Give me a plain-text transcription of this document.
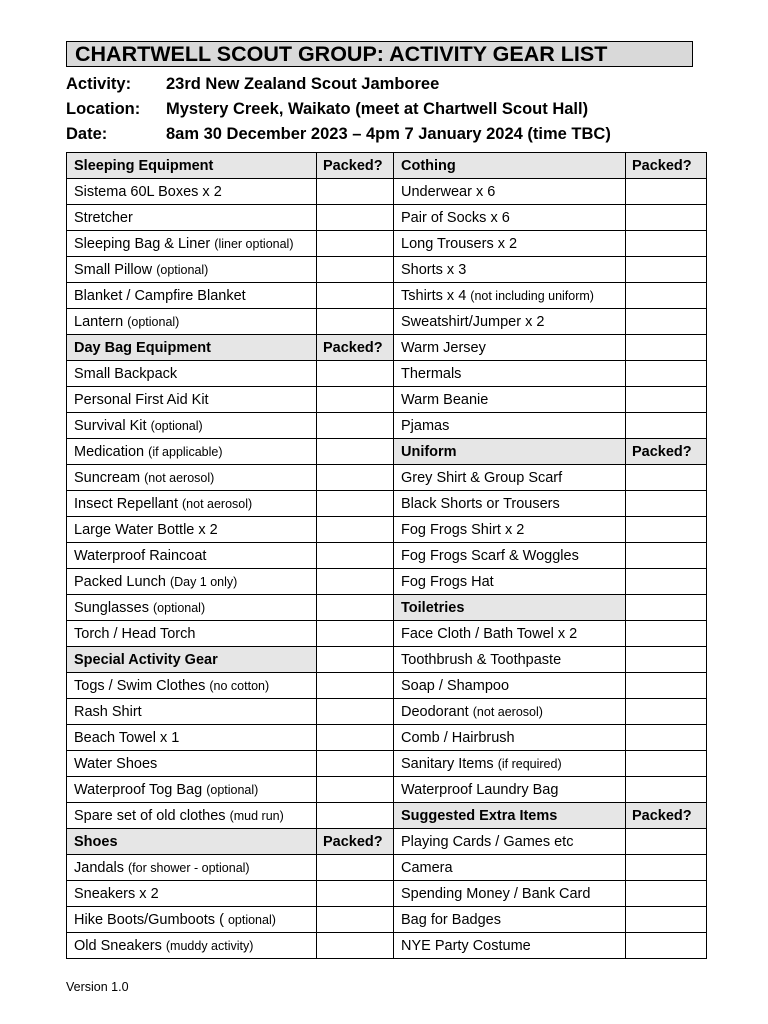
CHARTWELL SCOUT GROUP: ACTIVITY GEAR LIST
Activity: 23rd New Zealand Scout Jamboree
Location: Mystery Creek, Waikato (meet at Chartwell Scout Hall)
Date:	8am 30 December 2023 – 4pm 7 January 2024 (time TBC)
Sleeping Equipment	Packed?	Cothing	Packed?
Sistema 60L Boxes x 2		Underwear x 6	
Stretcher		Pair of Socks x 6	
Sleeping Bag & Liner (liner optional)		Long Trousers x 2	
Small Pillow (optional)		Shorts x 3	
Blanket / Campfire Blanket		Tshirts x 4 (not including uniform)	
Lantern (optional)		Sweatshirt/Jumper x 2	
Day Bag Equipment	Packed?	Warm Jersey	
Small Backpack		Thermals	
Personal First Aid Kit		Warm Beanie	
Survival Kit (optional)		Pjamas	
Medication (if applicable)		Uniform	Packed?
Suncream (not aerosol)		Grey Shirt & Group Scarf	
Insect Repellant (not aerosol)		Black Shorts or Trousers	
Large Water Bottle x 2		Fog Frogs Shirt x 2	
Waterproof Raincoat		Fog Frogs Scarf & Woggles	
Packed Lunch (Day 1 only)		Fog Frogs Hat	
Sunglasses (optional)		Toiletries	
Torch / Head Torch		Face Cloth / Bath Towel x 2	
Special Activity Gear		Toothbrush & Toothpaste	
Togs / Swim Clothes (no cotton)		Soap / Shampoo	
Rash Shirt		Deodorant (not aerosol)	
Beach Towel x 1		Comb / Hairbrush	
Water Shoes		Sanitary Items (if required)	
Waterproof Tog Bag (optional)		Waterproof Laundry Bag	
Spare set of old clothes (mud run)		Suggested Extra Items	Packed?
Shoes	Packed?	Playing Cards / Games etc	
Jandals (for shower - optional)		Camera	
Sneakers x 2		Spending Money / Bank Card	
Hike Boots/Gumboots ( optional)		Bag for Badges	
Old Sneakers (muddy activity)		NYE Party Costume	
Version 1.0
